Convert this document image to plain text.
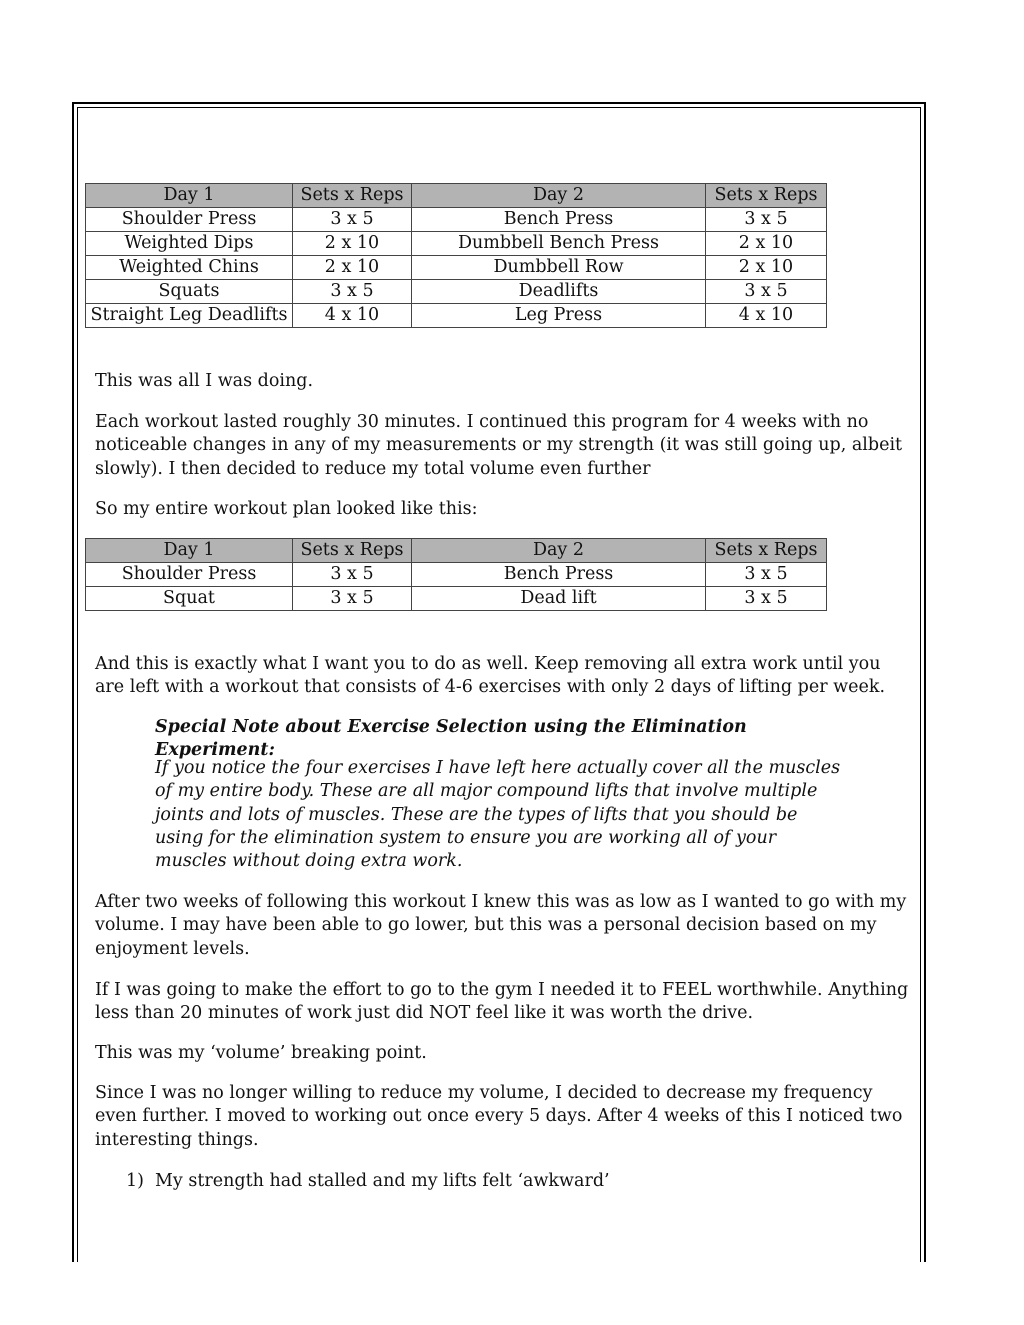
Day 1	Sets x Reps	Day 2	Sets x Reps
Shoulder Press	3 x 5	Bench Press	3 x 5
Weighted Dips	2 x 10	Dumbbell Bench Press	2 x 10
Weighted Chins	2 x 10	Dumbbell Row	2 x 10
Squats	3 x 5	Deadlifts	3 x 5
Straight Leg Deadlifts	4 x 10	Leg Press	4 x 10

This was all I was doing.

Each workout lasted roughly 30 minutes. I continued this program for 4 weeks with no noticeable changes in any of my measurements or my strength (it was still going up, albeit slowly). I then decided to reduce my total volume even further

So my entire workout plan looked like this:

Day 1	Sets x Reps	Day 2	Sets x Reps
Shoulder Press	3 x 5	Bench Press	3 x 5
Squat	3 x 5	Dead lift	3 x 5

And this is exactly what I want you to do as well. Keep removing all extra work until you are left with a workout that consists of 4-6 exercises with only 2 days of lifting per week.

Special Note about Exercise Selection using the Elimination Experiment:

If you notice the four exercises I have left here actually cover all the muscles of my entire body. These are all major compound lifts that involve multiple joints and lots of muscles. These are the types of lifts that you should be using for the elimination system to ensure you are working all of your muscles without doing extra work.

After two weeks of following this workout I knew this was as low as I wanted to go with my volume. I may have been able to go lower, but this was a personal decision based on my enjoyment levels.

If I was going to make the effort to go to the gym I needed it to FEEL worthwhile. Anything less than 20 minutes of work just did NOT feel like it was worth the drive.

This was my ‘volume’ breaking point.

Since I was no longer willing to reduce my volume, I decided to decrease my frequency even further. I moved to working out once every 5 days. After 4 weeks of this I noticed two interesting things.

1) My strength had stalled and my lifts felt ‘awkward’
